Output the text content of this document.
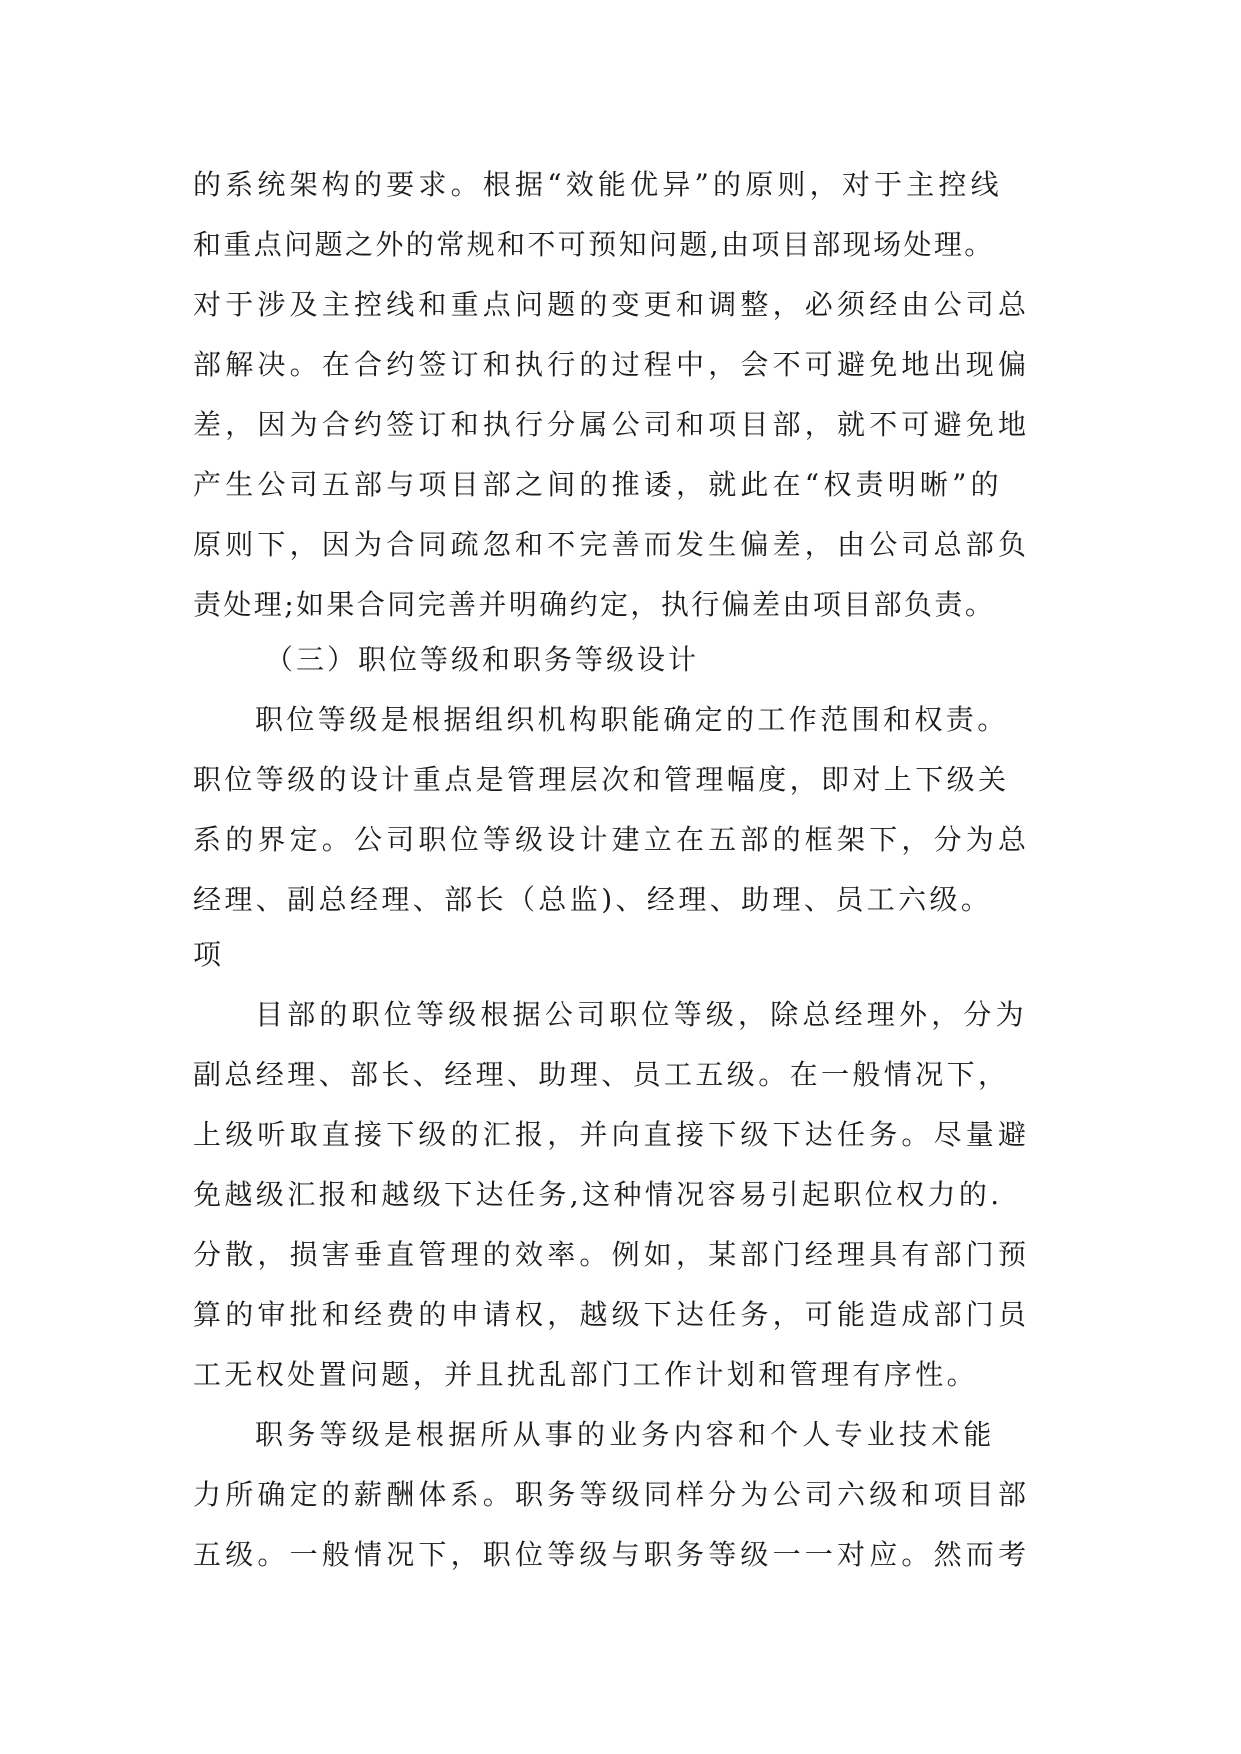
的系统架构的要求。根据“效能优异”的原则，对于主控线
和重点问题之外的常规和不可预知问题,由项目部现场处理。
对于涉及主控线和重点问题的变更和调整，必须经由公司总
部解决。在合约签订和执行的过程中，会不可避免地出现偏
差，因为合约签订和执行分属公司和项目部，就不可避免地
产生公司五部与项目部之间的推诿，就此在“权责明晰”的
原则下，因为合同疏忽和不完善而发生偏差，由公司总部负
责处理;如果合同完善并明确约定，执行偏差由项目部负责。
（三）职位等级和职务等级设计
职位等级是根据组织机构职能确定的工作范围和权责。
职位等级的设计重点是管理层次和管理幅度，即对上下级关
系的界定。公司职位等级设计建立在五部的框架下，分为总
经理、副总经理、部长（总监)、经理、助理、员工六级。
项
目部的职位等级根据公司职位等级，除总经理外，分为
副总经理、部长、经理、助理、员工五级。在一般情况下，
上级听取直接下级的汇报，并向直接下级下达任务。尽量避
免越级汇报和越级下达任务,这种情况容易引起职位权力的.
分散，损害垂直管理的效率。例如，某部门经理具有部门预
算的审批和经费的申请权，越级下达任务，可能造成部门员
工无权处置问题，并且扰乱部门工作计划和管理有序性。
职务等级是根据所从事的业务内容和个人专业技术能
力所确定的薪酬体系。职务等级同样分为公司六级和项目部
五级。一般情况下，职位等级与职务等级一一对应。然而考
